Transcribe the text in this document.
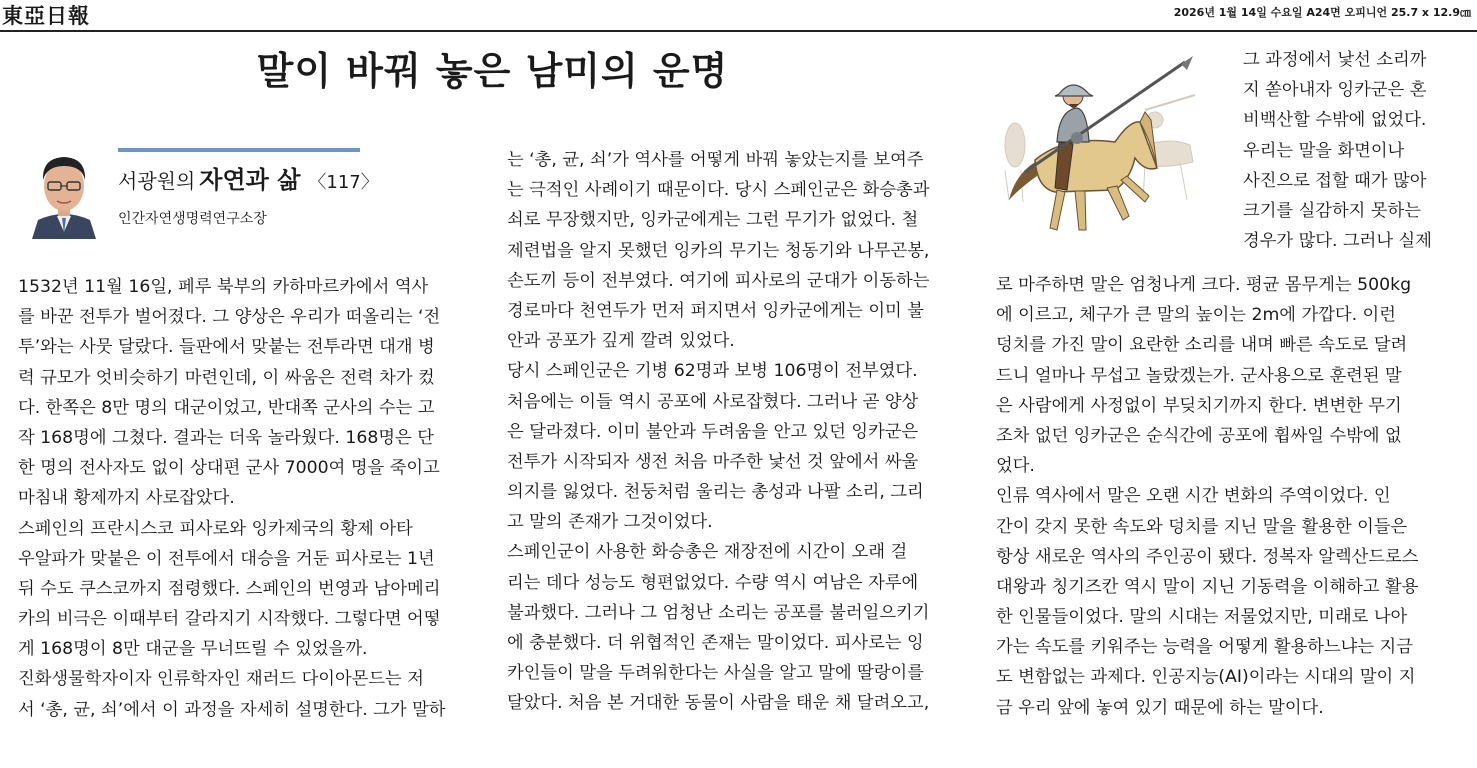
東亞日報	2026년 1월 14일 수요일 A24면 오피니언 25.7 x 12.9㎝
말이 바꿔 놓은 남미의 운명
서광원의 자연과 삶 〈117〉
인간자연생명력연구소장
1532년 11월 16일, 페루 북부의 카하마르카에서 역사
를 바꾼 전투가 벌어졌다. 그 양상은 우리가 떠올리는 ‘전
투’와는 사뭇 달랐다. 들판에서 맞붙는 전투라면 대개 병
력 규모가 엇비슷하기 마련인데, 이 싸움은 전력 차가 컸
다. 한쪽은 8만 명의 대군이었고, 반대쪽 군사의 수는 고
작 168명에 그쳤다. 결과는 더욱 놀라웠다. 168명은 단
한 명의 전사자도 없이 상대편 군사 7000여 명을 죽이고
마침내 황제까지 사로잡았다.
스페인의 프란시스코 피사로와 잉카제국의 황제 아타
우알파가 맞붙은 이 전투에서 대승을 거둔 피사로는 1년
뒤 수도 쿠스코까지 점령했다. 스페인의 번영과 남아메리
카의 비극은 이때부터 갈라지기 시작했다. 그렇다면 어떻
게 168명이 8만 대군을 무너뜨릴 수 있었을까.
진화생물학자이자 인류학자인 재러드 다이아몬드는 저
서 ‘총, 균, 쇠’에서 이 과정을 자세히 설명한다. 그가 말하
는 ‘총, 균, 쇠’가 역사를 어떻게 바꿔 놓았는지를 보여주
는 극적인 사례이기 때문이다. 당시 스페인군은 화승총과
쇠로 무장했지만, 잉카군에게는 그런 무기가 없었다. 철
제련법을 알지 못했던 잉카의 무기는 청동기와 나무곤봉,
손도끼 등이 전부였다. 여기에 피사로의 군대가 이동하는
경로마다 천연두가 먼저 퍼지면서 잉카군에게는 이미 불
안과 공포가 깊게 깔려 있었다.
당시 스페인군은 기병 62명과 보병 106명이 전부였다.
처음에는 이들 역시 공포에 사로잡혔다. 그러나 곧 양상
은 달라졌다. 이미 불안과 두려움을 안고 있던 잉카군은
전투가 시작되자 생전 처음 마주한 낯선 것 앞에서 싸울
의지를 잃었다. 천둥처럼 울리는 총성과 나팔 소리, 그리
고 말의 존재가 그것이었다.
스페인군이 사용한 화승총은 재장전에 시간이 오래 걸
리는 데다 성능도 형편없었다. 수량 역시 여남은 자루에
불과했다. 그러나 그 엄청난 소리는 공포를 불러일으키기
에 충분했다. 더 위협적인 존재는 말이었다. 피사로는 잉
카인들이 말을 두려워한다는 사실을 알고 말에 딸랑이를
달았다. 처음 본 거대한 동물이 사람을 태운 채 달려오고,
그 과정에서 낯선 소리까
지 쏟아내자 잉카군은 혼
비백산할 수밖에 없었다.
우리는 말을 화면이나
사진으로 접할 때가 많아
크기를 실감하지 못하는
경우가 많다. 그러나 실제
로 마주하면 말은 엄청나게 크다. 평균 몸무게는 500kg
에 이르고, 체구가 큰 말의 높이는 2m에 가깝다. 이런
덩치를 가진 말이 요란한 소리를 내며 빠른 속도로 달려
드니 얼마나 무섭고 놀랐겠는가. 군사용으로 훈련된 말
은 사람에게 사정없이 부딪치기까지 한다. 변변한 무기
조차 없던 잉카군은 순식간에 공포에 휩싸일 수밖에 없
었다.
인류 역사에서 말은 오랜 시간 변화의 주역이었다. 인
간이 갖지 못한 속도와 덩치를 지닌 말을 활용한 이들은
항상 새로운 역사의 주인공이 됐다. 정복자 알렉산드로스
대왕과 칭기즈칸 역시 말이 지닌 기동력을 이해하고 활용
한 인물들이었다. 말의 시대는 저물었지만, 미래로 나아
가는 속도를 키워주는 능력을 어떻게 활용하느냐는 지금
도 변함없는 과제다. 인공지능(AI)이라는 시대의 말이 지
금 우리 앞에 놓여 있기 때문에 하는 말이다.
